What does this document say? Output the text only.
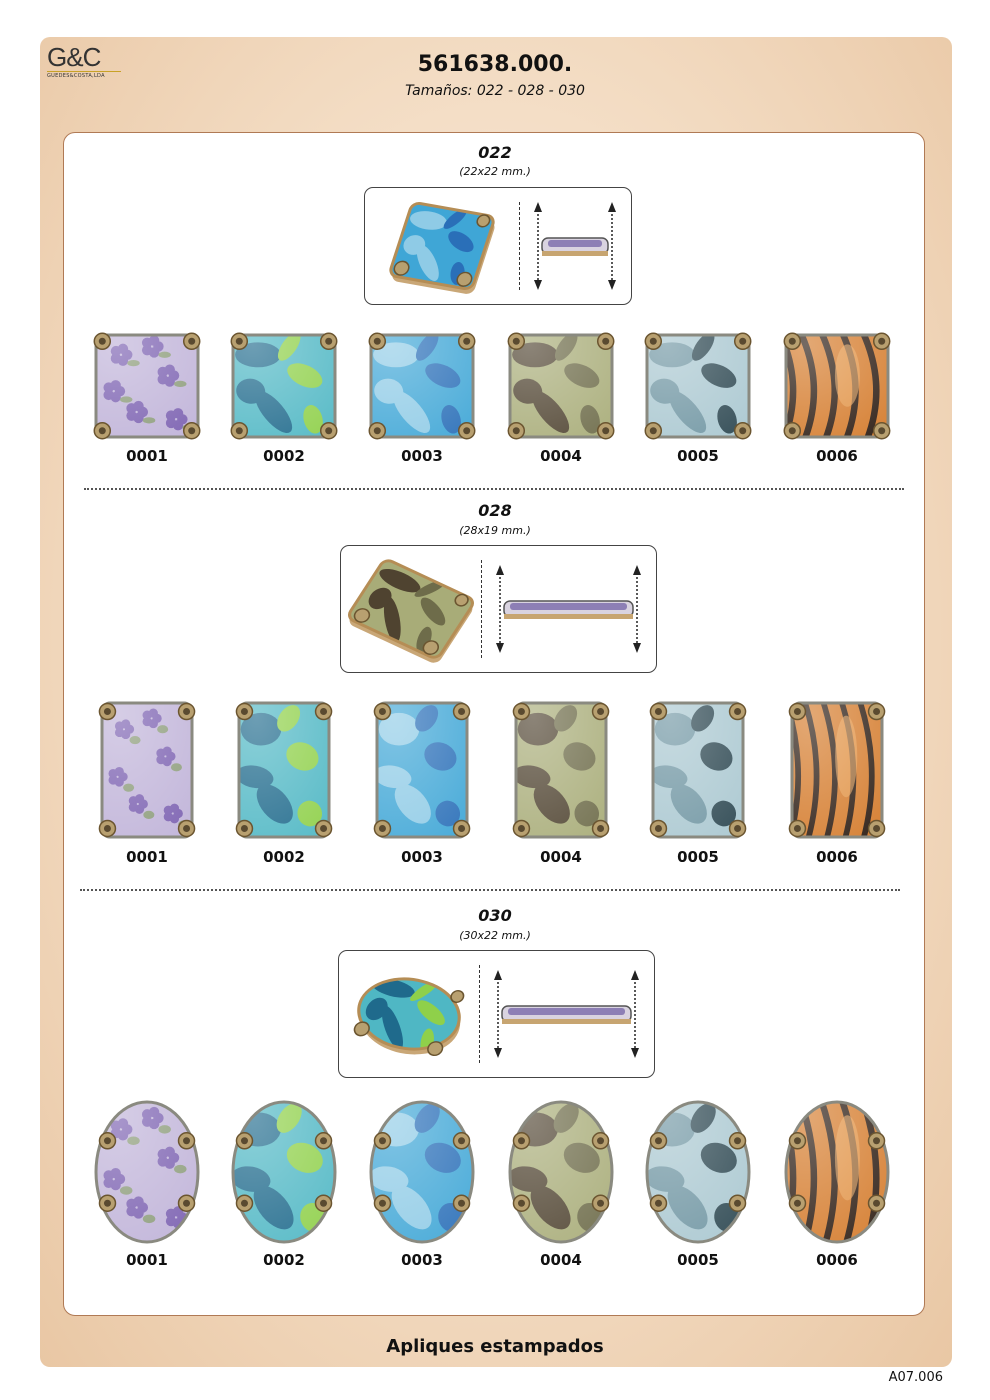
G&C
GUEDES&COSTA,LDA	561638.000.
Tamaños: 022 - 028 - 030
022
(22x22 mm.)
028
(28x19 mm.)
030
(30x22 mm.)
0001	0002	0003	0004	0005	0006
0001	0002	0003	0004	0005	0006
0001	0002	0003	0004	0005	0006
Apliques estampados
A07.006
